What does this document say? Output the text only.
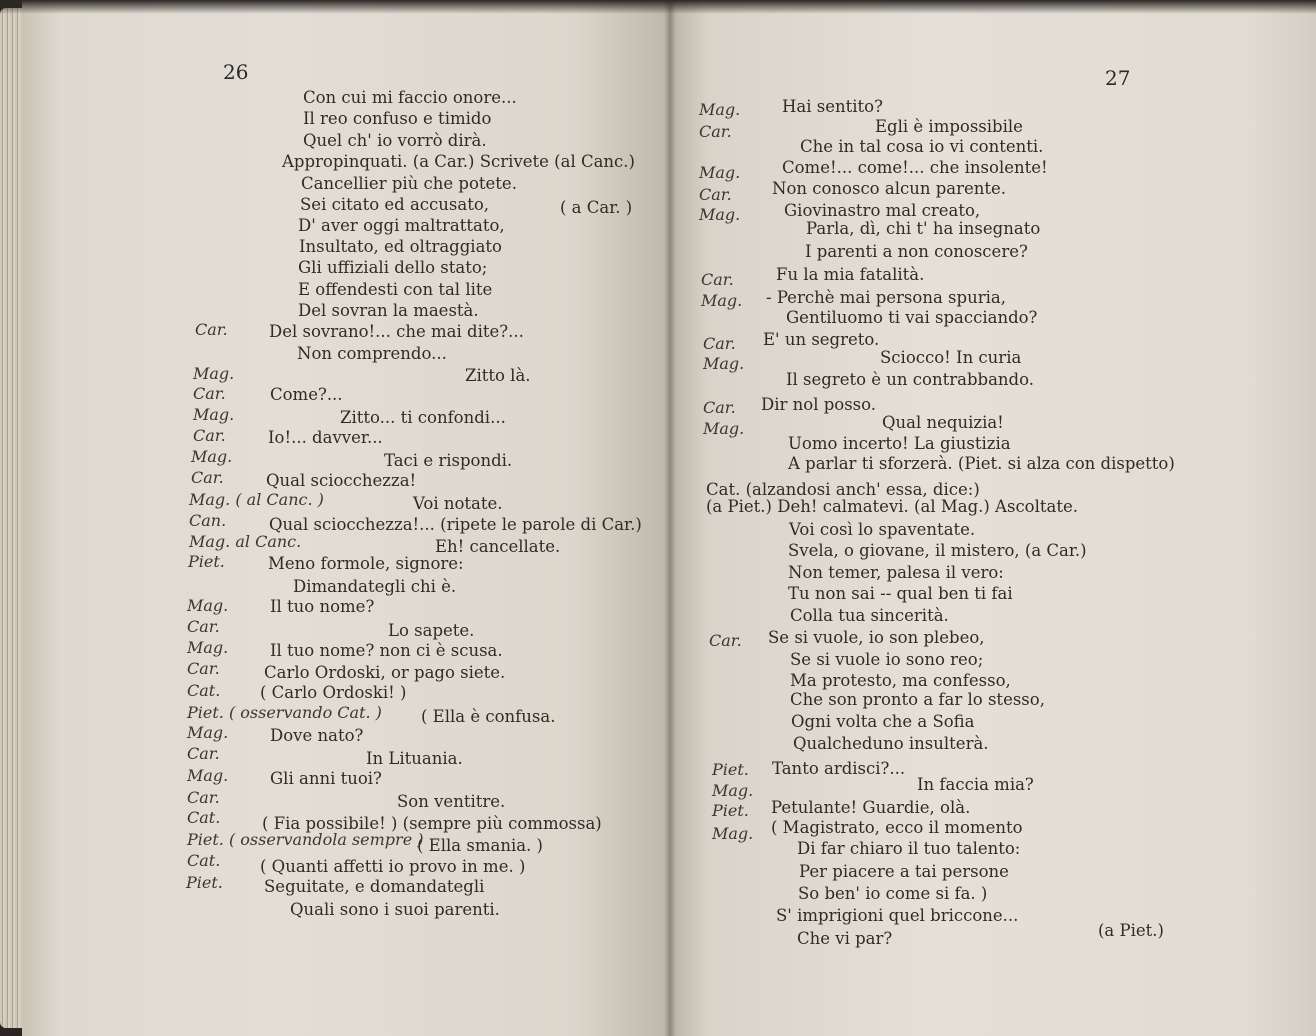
26
Con cui mi faccio onore...
Il reo confuso e timido
Quel ch' io vorrò dirà.
Appropinquati. (a Car.) Scrivete (al Canc.)
Cancellier più che potete.
Sei citato ed accusato,	( a Car. )
D' aver oggi maltrattato,
Insultato, ed oltraggiato
Gli uffiziali dello stato;
E offendesti con tal lite
Del sovran la maestà.
Del sovrano!... che mai dite?...
Non comprendo...
Zitto là.
Come?...
Zitto... ti confondi...
Io!... davver...
Taci e rispondi.
Qual sciocchezza!
Voi notate.
Qual sciocchezza!... (ripete le parole di Car.)
Eh! cancellate.
Meno formole, signore:
Dimandategli chi è.
Il tuo nome?
Lo sapete.
Il tuo nome? non ci è scusa.
Carlo Ordoski, or pago siete.
( Carlo Ordoski! )
( Ella è confusa.
Dove nato?
In Lituania.
Gli anni tuoi?
Son ventitre.
( Fia possibile! ) (sempre più commossa)
( Ella smania. )
( Quanti affetti io provo in me. )
Seguitate, e domandategli
Quali sono i suoi parenti.
Car.
Mag.
Car.
Mag.
Car.
Mag.
Car.
Mag. ( al Canc. )
Can.
Mag. al Canc.
Piet.
Mag.
Car.
Mag.
Car.
Cat.
Piet. ( osservando Cat. )
Mag.
Car.
Mag.
Car.
Cat.
Piet. ( osservandola sempre )
Cat.
Piet.
27
Hai sentito?
Egli è impossibile
Che in tal cosa io vi contenti.
Come!... come!... che insolente!
Non conosco alcun parente.
Giovinastro mal creato,
Parla, dì, chi t' ha insegnato
I parenti a non conoscere?
Fu la mia fatalità.
- Perchè mai persona spuria,
Gentiluomo ti vai spacciando?
E' un segreto.
Sciocco! In curia
Il segreto è un contrabbando.
Dir nol posso.
Qual nequizia!
Uomo incerto! La giustizia
A parlar ti sforzerà. (Piet. si alza con dispetto)
Cat. (alzandosi anch' essa, dice:)
(a Piet.) Deh! calmatevi. (al Mag.) Ascoltate.
Voi così lo spaventate.
Svela, o giovane, il mistero, (a Car.)
Non temer, palesa il vero:
Tu non sai -- qual ben ti fai
Colla tua sincerità.
Se si vuole, io son plebeo,
Se si vuole io sono reo;
Ma protesto, ma confesso,
Che son pronto a far lo stesso,
Ogni volta che a Sofia
Qualcheduno insulterà.
Tanto ardisci?...
In faccia mia?
Petulante! Guardie, olà.
( Magistrato, ecco il momento
Di far chiaro il tuo talento:
Per piacere a tai persone
So ben' io come si fa. )
S' imprigioni quel briccone...
Che vi par?	(a Piet.)
Mag.
Car.
Mag.
Car.
Mag.
Car.
Mag.
Car.
Mag.
Car.
Mag.
Car.
Piet.
Mag.
Piet.
Mag.
